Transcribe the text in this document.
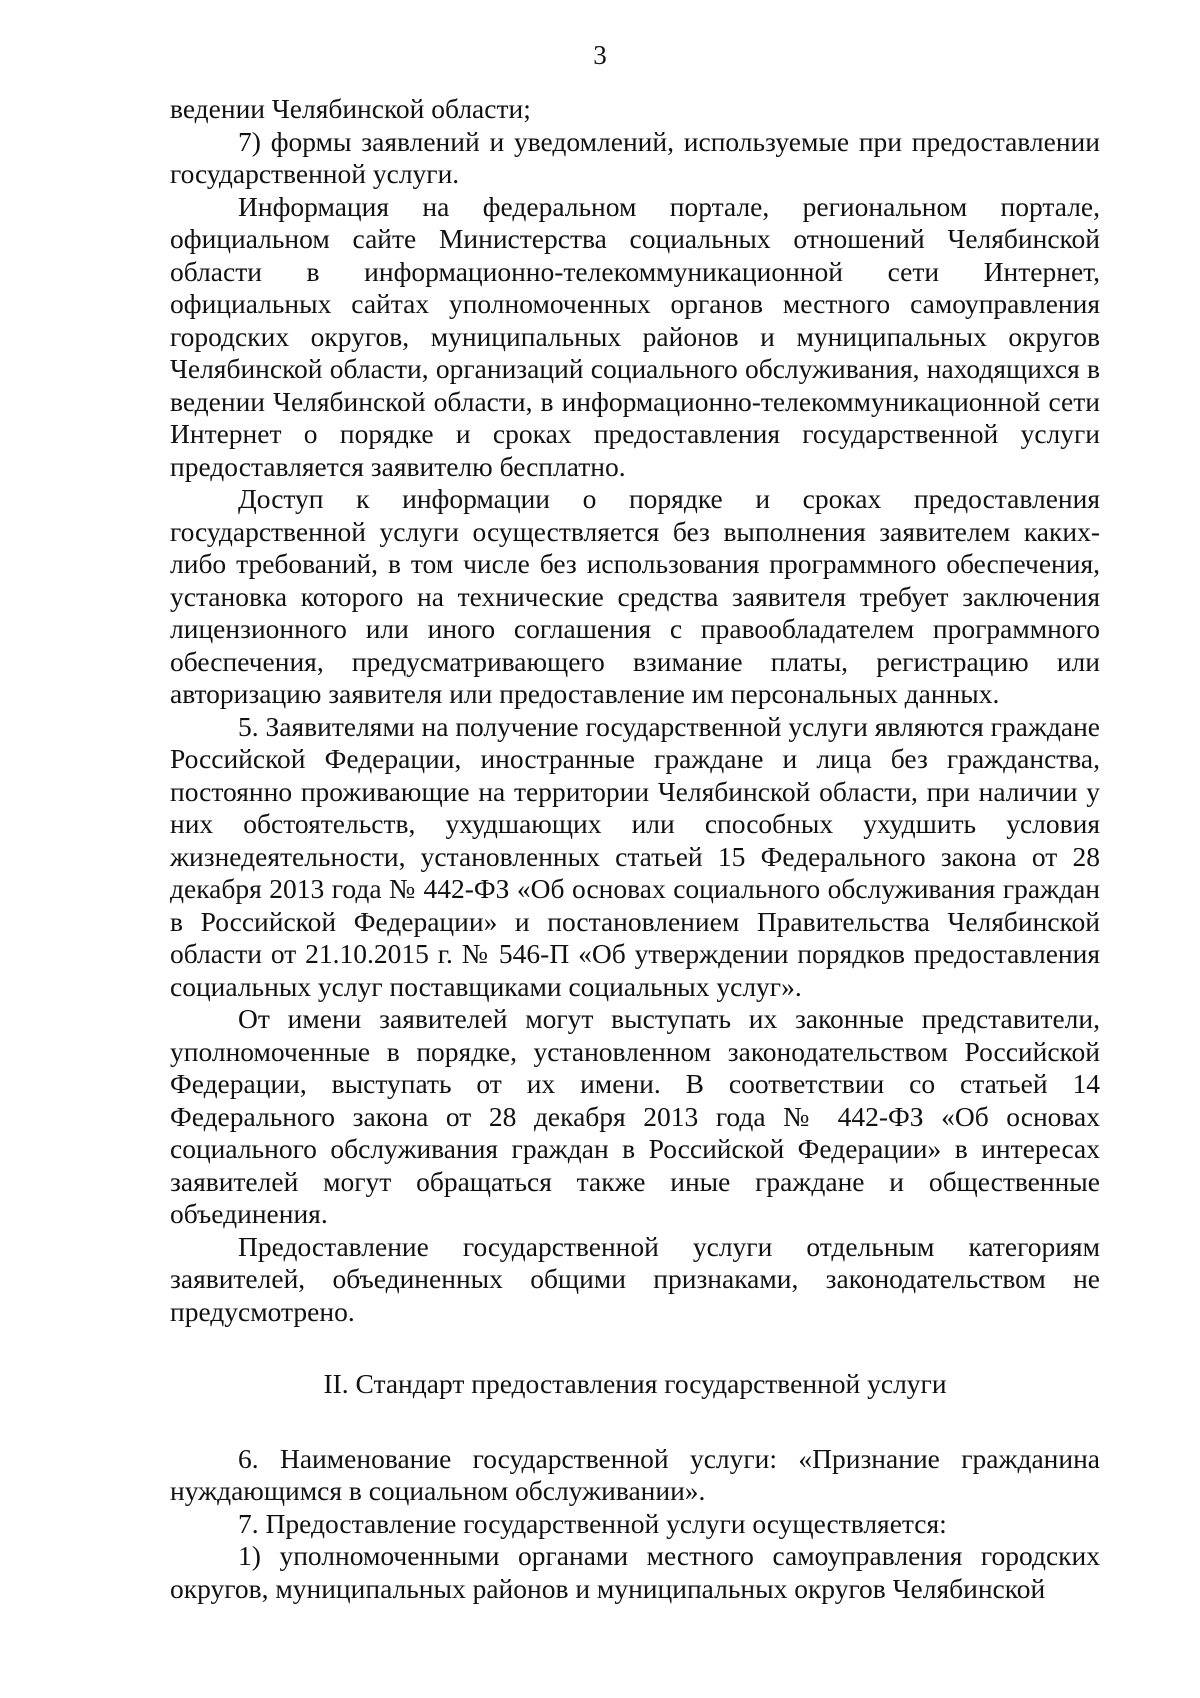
3

ведении Челябинской области;

7) формы заявлений и уведомлений, используемые при предоставлении государственной услуги.

Информация на федеральном портале, региональном портале, официальном сайте Министерства социальных отношений Челябинской области в информационно-телекоммуникационной сети Интернет, официальных сайтах уполномоченных органов местного самоуправления городских округов, муниципальных районов и муниципальных округов Челябинской области, организаций социального обслуживания, находящихся в ведении Челябинской области, в информационно-телекоммуникационной сети Интернет о порядке и сроках предоставления государственной услуги предоставляется заявителю бесплатно.

Доступ к информации о порядке и сроках предоставления государственной услуги осуществляется без выполнения заявителем каких-либо требований, в том числе без использования программного обеспечения, установка которого на технические средства заявителя требует заключения лицензионного или иного соглашения с правообладателем программного обеспечения, предусматривающего взимание платы, регистрацию или авторизацию заявителя или предоставление им персональных данных.

5. Заявителями на получение государственной услуги являются граждане Российской Федерации, иностранные граждане и лица без гражданства, постоянно проживающие на территории Челябинской области, при наличии у них обстоятельств, ухудшающих или способных ухудшить условия жизнедеятельности, установленных статьей 15 Федерального закона от 28 декабря 2013 года № 442-ФЗ «Об основах социального обслуживания граждан в Российской Федерации» и постановлением Правительства Челябинской области от 21.10.2015 г. № 546-П «Об утверждении порядков предоставления социальных услуг поставщиками социальных услуг».

От имени заявителей могут выступать их законные представители, уполномоченные в порядке, установленном законодательством Российской Федерации, выступать от их имени. В соответствии со статьей 14 Федерального закона от 28 декабря 2013 года № 442-ФЗ «Об основах социального обслуживания граждан в Российской Федерации» в интересах заявителей могут обращаться также иные граждане и общественные объединения.

Предоставление государственной услуги отдельным категориям заявителей, объединенных общими признаками, законодательством не предусмотрено.

II. Стандарт предоставления государственной услуги

6. Наименование государственной услуги: «Признание гражданина нуждающимся в социальном обслуживании».

7. Предоставление государственной услуги осуществляется:

1) уполномоченными органами местного самоуправления городских округов, муниципальных районов и муниципальных округов Челябинской
